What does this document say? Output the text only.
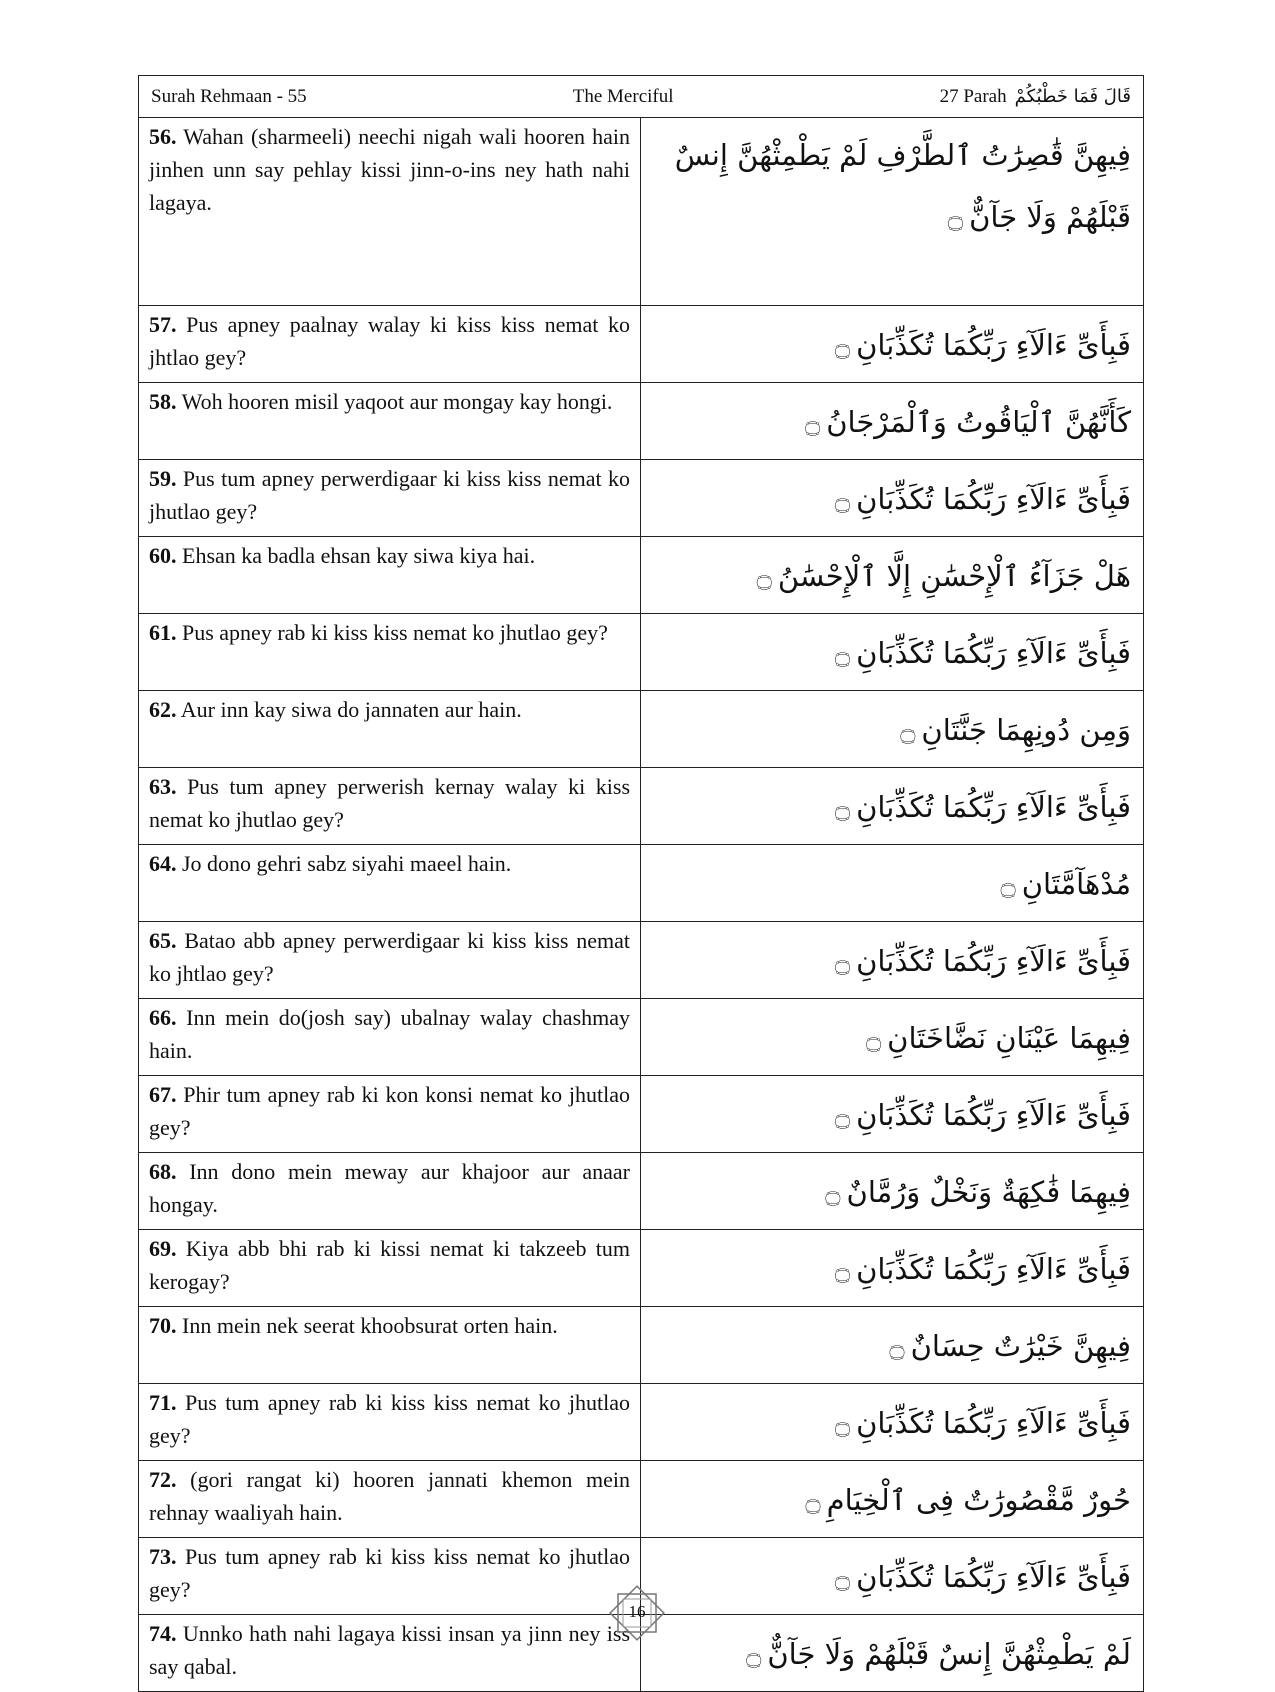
Surah Rehmaan - 55	The Merciful	27 Parah قَالَ فَمَا خَطْبُكُمْ
56. Wahan (sharmeeli) neechi nigah wali hooren hain jinhen unn say pehlay kissi jinn-o-ins ney hath nahi lagaya.	فِيهِنَّ قَٰصِرَٰتُ ٱلطَّرْفِ لَمْ يَطْمِثْهُنَّ إِنسٌ قَبْلَهُمْ وَلَا جَآنٌّ۝
57. Pus apney paalnay walay ki kiss kiss nemat ko jhtlao gey?	فَبِأَىِّ ءَالَآءِ رَبِّكُمَا تُكَذِّبَانِ۝
58. Woh hooren misil yaqoot aur mongay kay hongi.	كَأَنَّهُنَّ ٱلْيَاقُوتُ وَٱلْمَرْجَانُ۝
59. Pus tum apney perwerdigaar ki kiss kiss nemat ko jhutlao gey?	فَبِأَىِّ ءَالَآءِ رَبِّكُمَا تُكَذِّبَانِ۝
60. Ehsan ka badla ehsan kay siwa kiya hai.	هَلْ جَزَآءُ ٱلْإِحْسَٰنِ إِلَّا ٱلْإِحْسَٰنُ۝
61. Pus apney rab ki kiss kiss nemat ko jhutlao gey?	فَبِأَىِّ ءَالَآءِ رَبِّكُمَا تُكَذِّبَانِ۝
62. Aur inn kay siwa do jannaten aur hain.	وَمِن دُونِهِمَا جَنَّتَانِ۝
63. Pus tum apney perwerish kernay walay ki kiss nemat ko jhutlao gey?	فَبِأَىِّ ءَالَآءِ رَبِّكُمَا تُكَذِّبَانِ۝
64. Jo dono gehri sabz siyahi maeel hain.	مُدْهَآمَّتَانِ۝
65. Batao abb apney perwerdigaar ki kiss kiss nemat ko jhtlao gey?	فَبِأَىِّ ءَالَآءِ رَبِّكُمَا تُكَذِّبَانِ۝
66. Inn mein do(josh say) ubalnay walay chashmay hain.	فِيهِمَا عَيْنَانِ نَضَّاخَتَانِ۝
67. Phir tum apney rab ki kon konsi nemat ko jhutlao gey?	فَبِأَىِّ ءَالَآءِ رَبِّكُمَا تُكَذِّبَانِ۝
68. Inn dono mein meway aur khajoor aur anaar hongay.	فِيهِمَا فَٰكِهَةٌ وَنَخْلٌ وَرُمَّانٌ۝
69. Kiya abb bhi rab ki kissi nemat ki takzeeb tum kerogay?	فَبِأَىِّ ءَالَآءِ رَبِّكُمَا تُكَذِّبَانِ۝
70. Inn mein nek seerat khoobsurat orten hain.	فِيهِنَّ خَيْرَٰتٌ حِسَانٌ۝
71. Pus tum apney rab ki kiss kiss nemat ko jhutlao gey?	فَبِأَىِّ ءَالَآءِ رَبِّكُمَا تُكَذِّبَانِ۝
72. (gori rangat ki) hooren jannati khemon mein rehnay waaliyah hain.	حُورٌ مَّقْصُورَٰتٌ فِى ٱلْخِيَامِ۝
73. Pus tum apney rab ki kiss kiss nemat ko jhutlao gey?	فَبِأَىِّ ءَالَآءِ رَبِّكُمَا تُكَذِّبَانِ۝
74. Unnko hath nahi lagaya kissi insan ya jinn ney iss say qabal.	لَمْ يَطْمِثْهُنَّ إِنسٌ قَبْلَهُمْ وَلَا جَآنٌّ۝
16
